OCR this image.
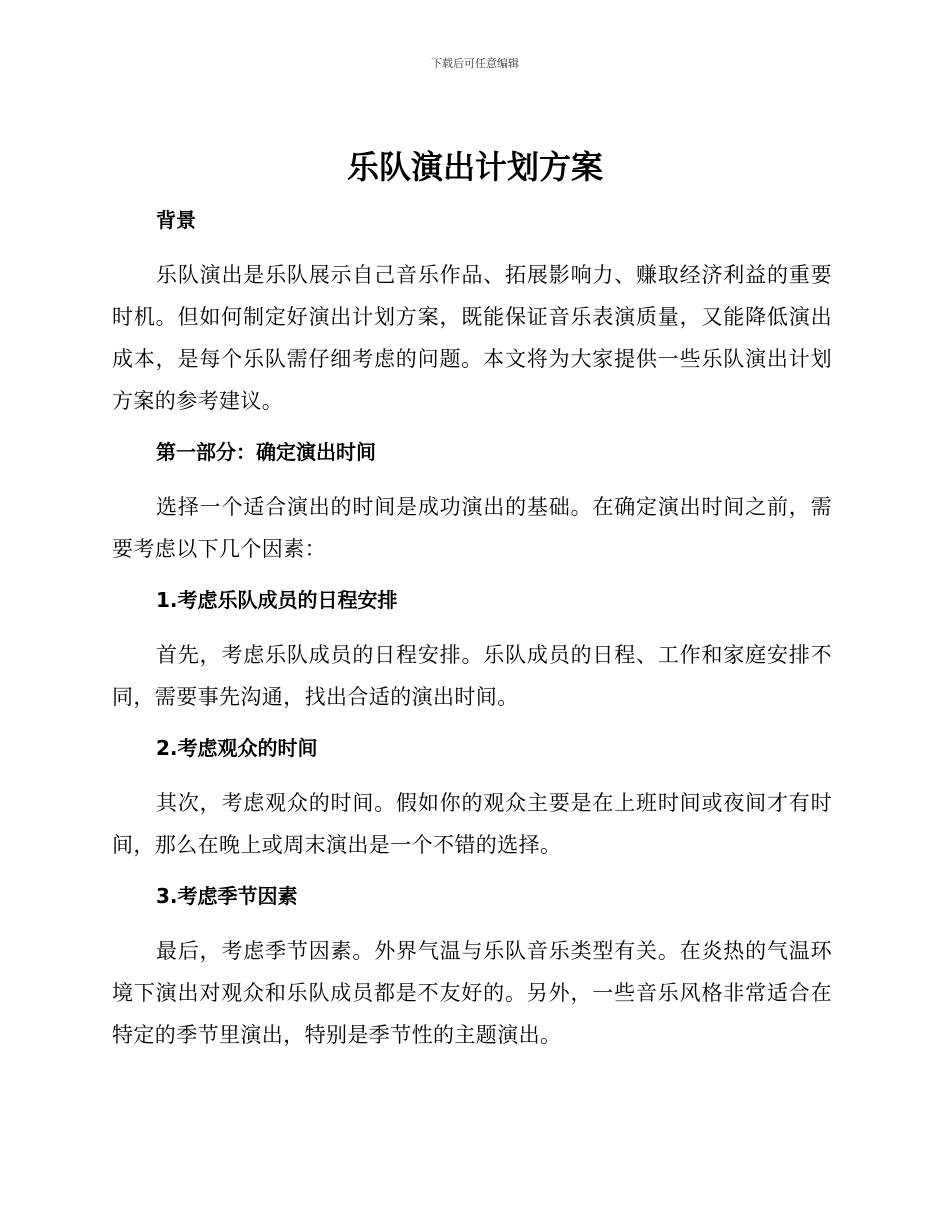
下载后可任意编辑
乐队演出计划方案
背景

乐队演出是乐队展示自己音乐作品、拓展影响力、赚取经济利益的重要时机。但如何制定好演出计划方案，既能保证音乐表演质量，又能降低演出成本，是每个乐队需仔细考虑的问题。本文将为大家提供一些乐队演出计划方案的参考建议。

第一部分：确定演出时间

选择一个适合演出的时间是成功演出的基础。在确定演出时间之前，需要考虑以下几个因素：

1.考虑乐队成员的日程安排

首先，考虑乐队成员的日程安排。乐队成员的日程、工作和家庭安排不同，需要事先沟通，找出合适的演出时间。

2.考虑观众的时间

其次，考虑观众的时间。假如你的观众主要是在上班时间或夜间才有时间，那么在晚上或周末演出是一个不错的选择。

3.考虑季节因素

最后，考虑季节因素。外界气温与乐队音乐类型有关。在炎热的气温环境下演出对观众和乐队成员都是不友好的。另外，一些音乐风格非常适合在特定的季节里演出，特别是季节性的主题演出。
